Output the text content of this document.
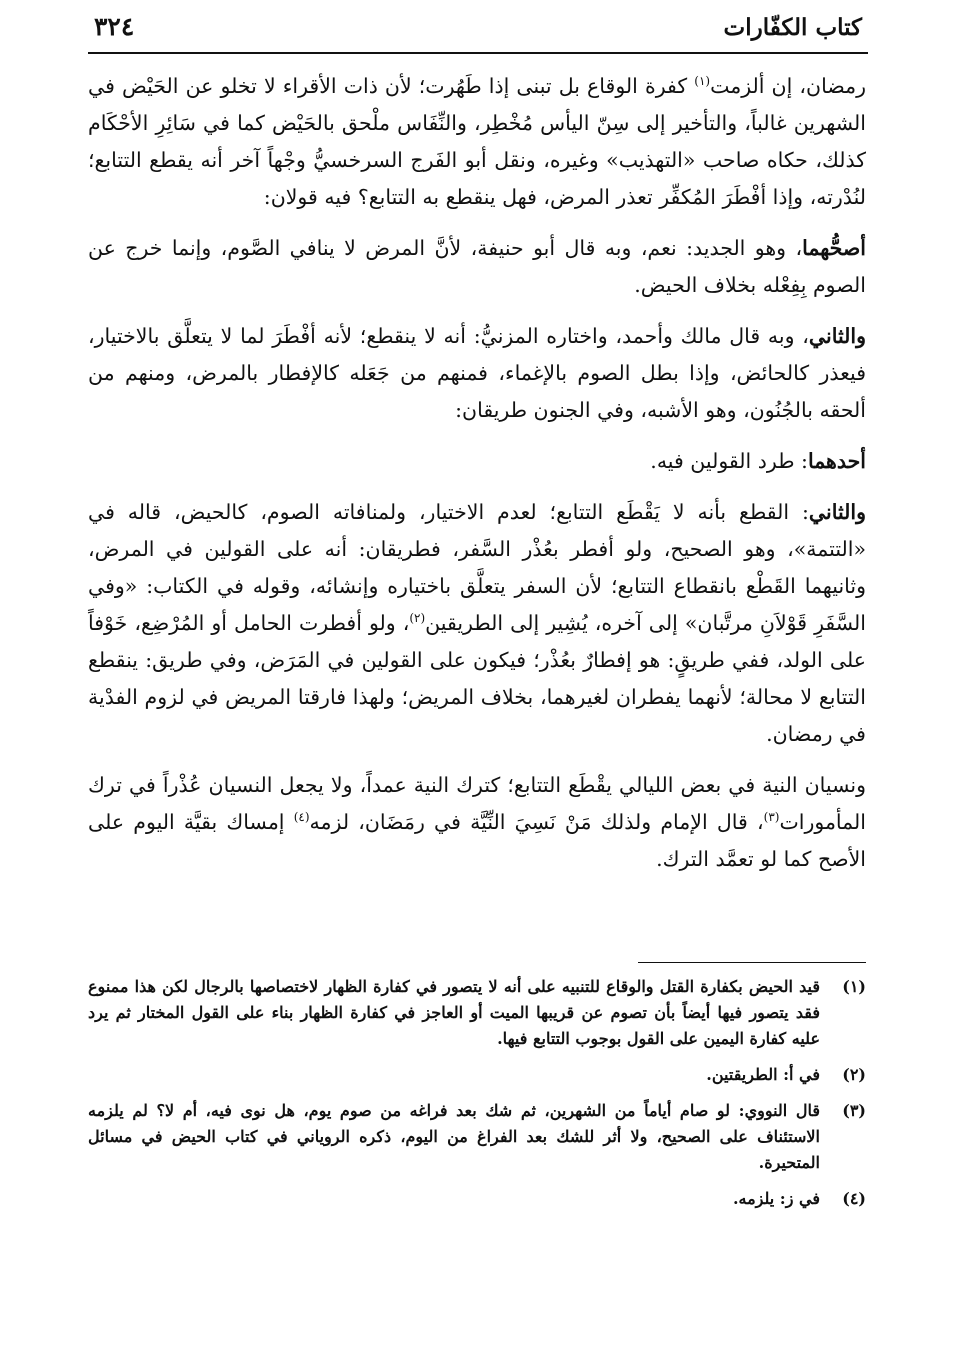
كتاب الكفّارات
٣٢٤

رمضان، إن ألزمت$^{(١)}$ كفرة الوقاع بل تبنى إذا طَهُرت؛ لأن ذات الأقراء لا تخلو عن الحَيْض في الشهرين غالباً، والتأخير إلى سِنّ اليأس مُخْطِر، والنِّفَاس ملْحق بالحَيْض كما في سَائِرِ الأحْكَام كذلك، حكاه صاحب «التهذيب» وغيره، ونقل أبو الفَرج السرخسيُّ وجْهاً آخر أنه يقطع التتابع؛ لنُدْرته، وإذا أفْطَرَ المُكفِّر تعذر المرض، فهل ينقطع به التتابع؟ فيه قولان:

أصحُّهما، وهو الجديد: نعم، وبه قال أبو حنيفة، لأنَّ المرض لا ينافي الصَّوم، وإنما خرج عن الصوم بِفِعْله بخلاف الحيض.

والثاني، وبه قال مالك وأحمد، واختاره المزنيُّ: أنه لا ينقطع؛ لأنه أفْطَرَ لما لا يتعلَّق بالاختيار، فيعذر كالحائض، وإذا بطل الصوم بالإغماء، فمنهم من جَعَله كالإفطار بالمرض، ومنهم من ألحقه بالجُنُون، وهو الأشبه، وفي الجنون طريقان:

أحدهما: طرد القولين فيه.

والثاني: القطع بأنه لا يَقْطَع التتابع؛ لعدم الاختيار، ولمنافاته الصوم، كالحيض، قاله في «التتمة»، وهو الصحيح، ولو أفطر بعُذْر السَّفر، فطريقان: أنه على القولين في المرض، وثانيهما القَطْع بانقطاع التتابع؛ لأن السفر يتعلَّق باختياره وإنشائه، وقوله في الكتاب: «وفي السَّفَرِ قَوْلاَنِ مرتَّبان» إلى آخره، يُشِير إلى الطريقين$^{(٢)}$، ولو أفطرت الحامل أو المُرْضِع، خَوْفاً على الولد، ففي طريقٍ: هو إفطارٌ بعُذْر؛ فيكون على القولين في المَرَض، وفي طريق: ينقطع التتابع لا محالة؛ لأنهما يفطران لغيرهما، بخلاف المريض؛ ولهذا فارقتا المريض في لزوم الفدْية في رمضان.

ونسيان النية في بعض الليالي يقْطَع التتابع؛ كترك النية عمداً، ولا يجعل النسيان عُذْراً في ترك المأمورات$^{(٣)}$، قال الإمام ولذلك مَنْ نَسِيَ النِّيَّة في رمَضَان، لزمه$^{(٤)}$ إمساك بقيَّة اليوم على الأصح كما لو تعمَّد الترك.

(١)
قيد الحيض بكفارة القتل والوقاع للتنبيه على أنه لا يتصور في كفارة الظهار لاختصاصها بالرجال لكن هذا ممنوع فقد يتصور فيها أيضاً بأن تصوم عن قريبها الميت أو العاجز في كفارة الظهار بناء على القول المختار ثم يرد عليه كفارة اليمين على القول بوجوب التتابع فيها.
(٢)
في أ: الطريقتين.
(٣)
قال النووي: لو صام أياماً من الشهرين، ثم شك بعد فراغه من صوم يوم، هل نوى فيه، أم لا؟ لم يلزمه الاستئناف على الصحيح، ولا أثر للشك بعد الفراغ من اليوم، ذكره الروياني في كتاب الحيض في مسائل المتحيرة.
(٤)
في ز: يلزمه.
